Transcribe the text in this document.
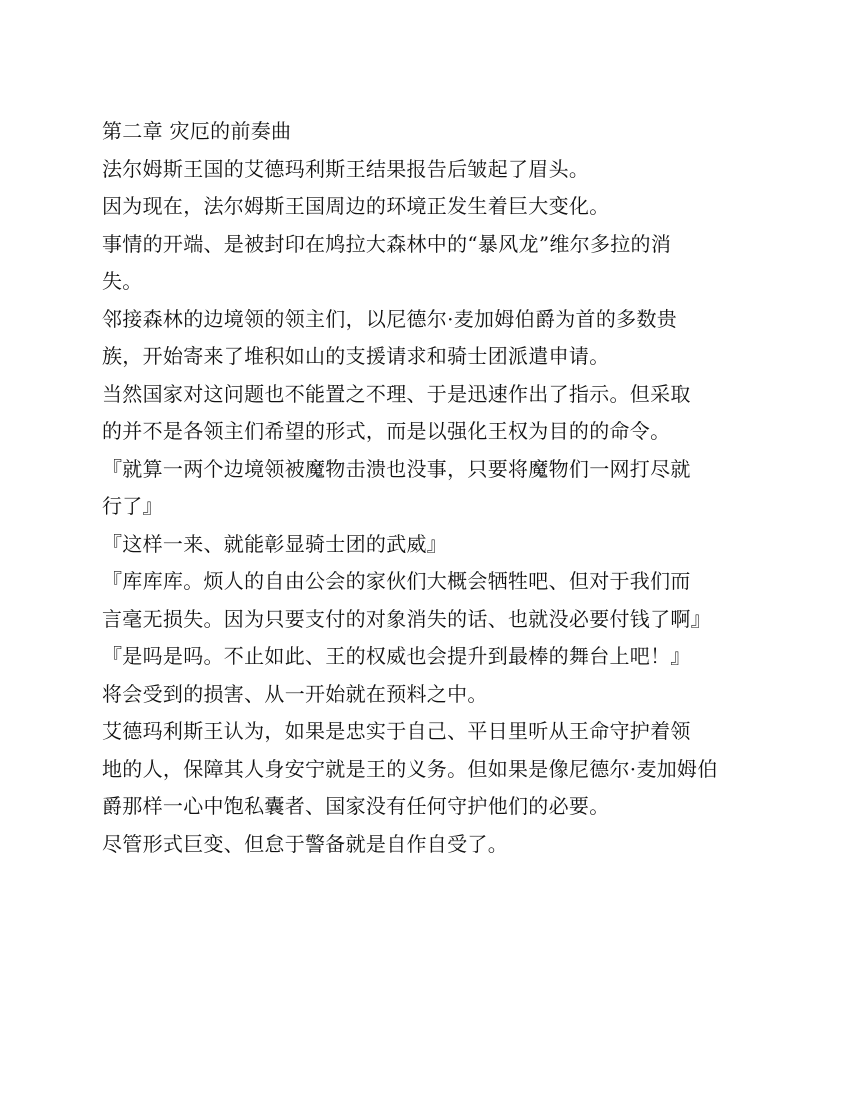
第二章 灾厄的前奏曲
法尔姆斯王国的艾德玛利斯王结果报告后皱起了眉头。
因为现在，法尔姆斯王国周边的环境正发生着巨大变化。
事情的开端、是被封印在鸠拉大森林中的“暴风龙”维尔多拉的消
失。
邻接森林的边境领的领主们，以尼德尔·麦加姆伯爵为首的多数贵
族，开始寄来了堆积如山的支援请求和骑士团派遣申请。
当然国家对这问题也不能置之不理、于是迅速作出了指示。但采取
的并不是各领主们希望的形式，而是以强化王权为目的的命令。
『就算一两个边境领被魔物击溃也没事，只要将魔物们一网打尽就
行了』
『这样一来、就能彰显骑士团的武威』
『库库库。烦人的自由公会的家伙们大概会牺牲吧、但对于我们而
言毫无损失。因为只要支付的对象消失的话、也就没必要付钱了啊』
『是吗是吗。不止如此、王的权威也会提升到最棒的舞台上吧！』
将会受到的损害、从一开始就在预料之中。
艾德玛利斯王认为，如果是忠实于自己、平日里听从王命守护着领
地的人，保障其人身安宁就是王的义务。但如果是像尼德尔·麦加姆伯
爵那样一心中饱私囊者、国家没有任何守护他们的必要。
尽管形式巨变、但怠于警备就是自作自受了。
